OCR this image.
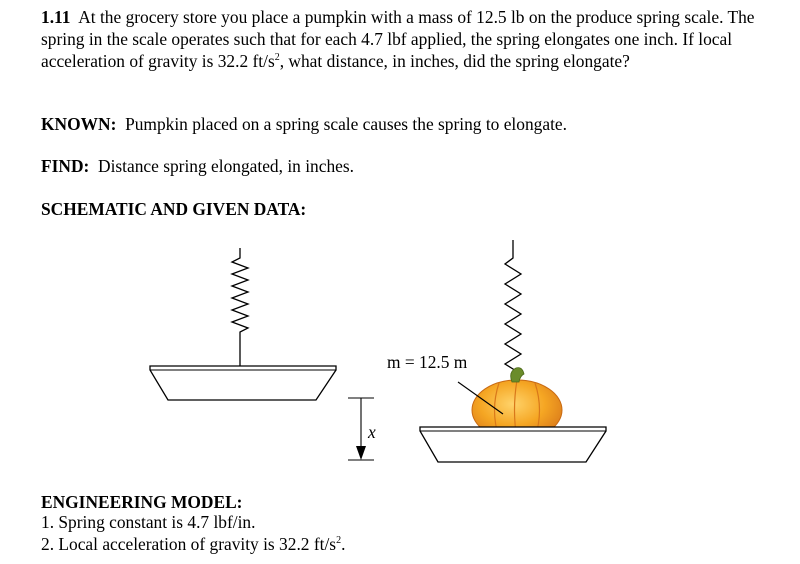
1.11 At the grocery store you place a pumpkin with a mass of 12.5 lb on the produce spring scale. The spring in the scale operates such that for each 4.7 lbf applied, the spring elongates one inch. If local acceleration of gravity is 32.2 $ft/s^2$, what distance, in inches, did the spring elongate?
KNOWN: Pumpkin placed on a spring scale causes the spring to elongate.
FIND: Distance spring elongated, in inches.
SCHEMATIC AND GIVEN DATA:
x
m = 12.5 m
ENGINEERING MODEL:
1. Spring constant is 4.7 lbf/in.
2. Local acceleration of gravity is 32.2 $ft/s^2$.
